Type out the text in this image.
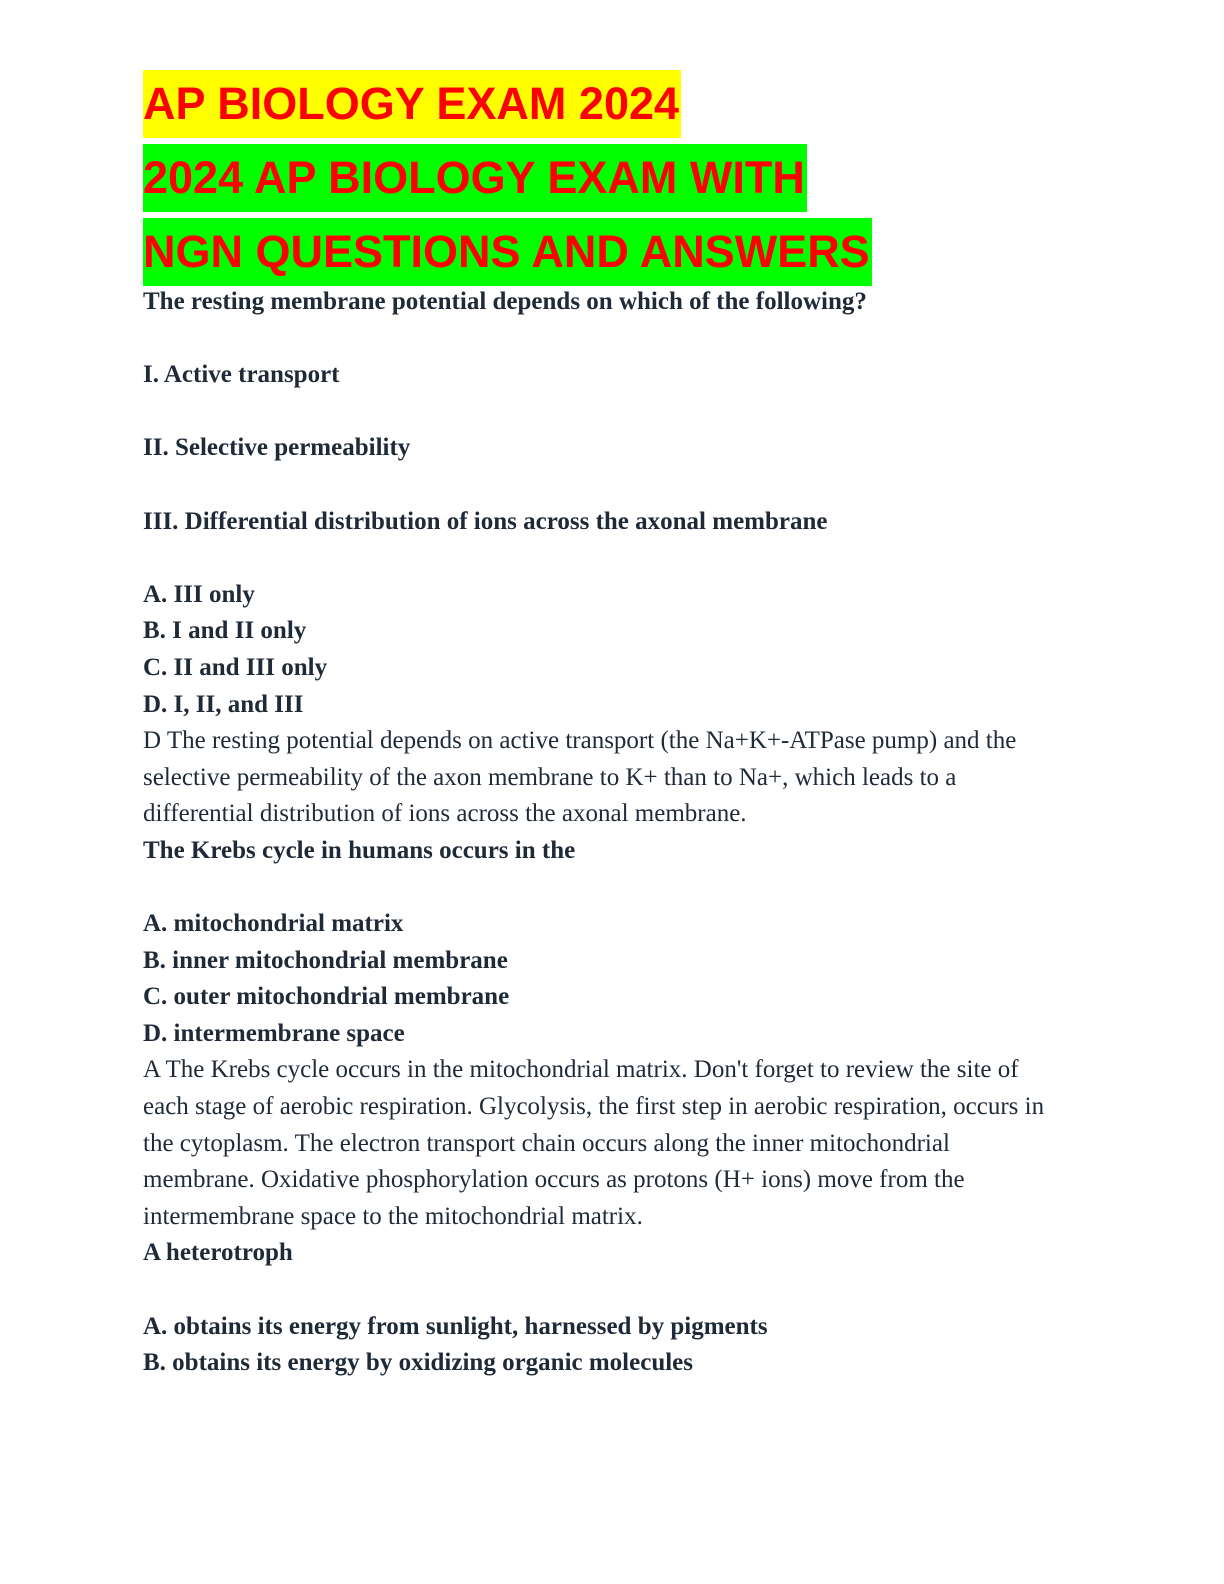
AP BIOLOGY EXAM 2024
2024 AP BIOLOGY EXAM WITH
NGN QUESTIONS AND ANSWERS

The resting membrane potential depends on which of the following?

I. Active transport

II. Selective permeability

III. Differential distribution of ions across the axonal membrane

A. III only

B. I and II only

C. II and III only

D. I, II, and III

D The resting potential depends on active transport (the Na+K+-ATPase pump) and the selective permeability of the axon membrane to K+ than to Na+, which leads to a differential distribution of ions across the axonal membrane.

The Krebs cycle in humans occurs in the

A. mitochondrial matrix

B. inner mitochondrial membrane

C. outer mitochondrial membrane

D. intermembrane space

A The Krebs cycle occurs in the mitochondrial matrix. Don't forget to review the site of each stage of aerobic respiration. Glycolysis, the first step in aerobic respiration, occurs in the cytoplasm. The electron transport chain occurs along the inner mitochondrial membrane. Oxidative phosphorylation occurs as protons (H+ ions) move from the intermembrane space to the mitochondrial matrix.

A heterotroph

A. obtains its energy from sunlight, harnessed by pigments

B. obtains its energy by oxidizing organic molecules
